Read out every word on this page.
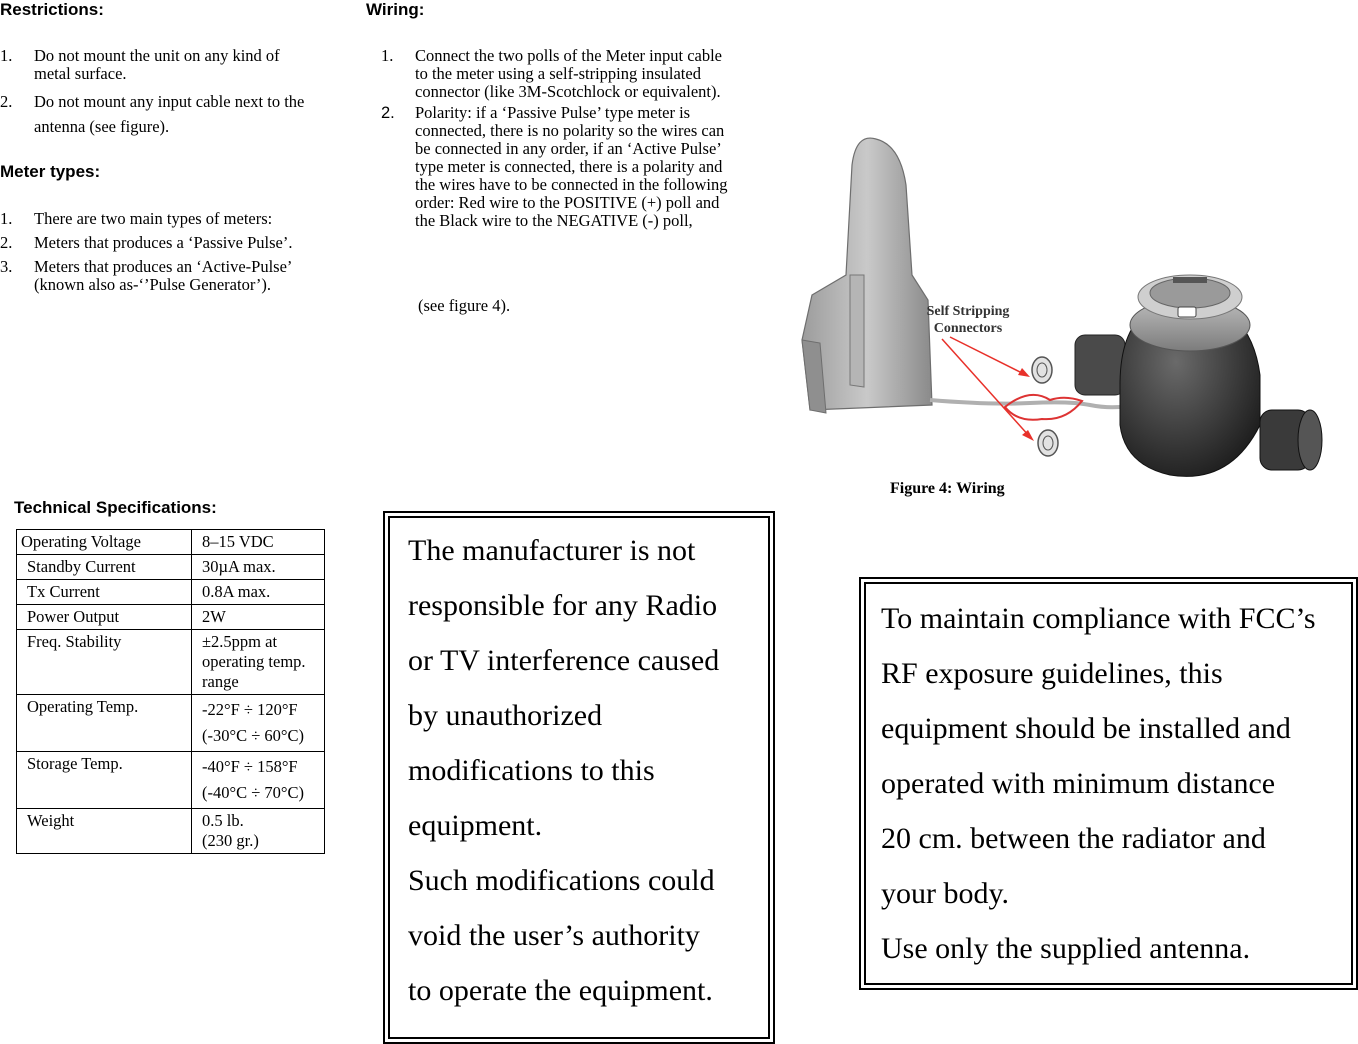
Restrictions:
1. Do not mount the unit on any kind of metal surface.
2. Do not mount any input cable next to the antenna (see figure).
Meter types:
1. There are two main types of meters:
2. Meters that produces a ‘Passive Pulse’.
3. Meters that produces an ‘Active-Pulse’ (known also as-‘’Pulse Generator’).
Wiring:
1. Connect the two polls of the Meter input cable to the meter using a self-stripping insulated connector (like 3M-Scotchlock or equivalent).
2. Polarity: if a ‘Passive Pulse’ type meter is connected, there is no polarity so the wires can be connected in any order, if an ‘Active Pulse’ type meter is connected, there is a polarity and the wires have to be connected in the following order: Red wire to the POSITIVE (+) poll and the Black wire to the NEGATIVE (-) poll,
(see figure 4).	Self Stripping
Connectors
Figure 4: Wiring
Technical Specifications:
Operating Voltage	8–15 VDC

Standby Current	30µA max.

Tx Current	0.8A max.

Power Output	2W

Freq. Stability	±2.5ppm at operating temp. range

Operating Temp.	-22°F ÷ 120°F
(-30°C ÷ 60°C)

Storage Temp.	-40°F ÷ 158°F
(-40°C ÷ 70°C)

Weight	0.5 lb.
(230 gr.)
The manufacturer is not
responsible for any Radio
or TV interference caused
by unauthorized
modifications to this
equipment.
Such modifications could
void the user’s authority
to operate the equipment.
To maintain compliance with FCC’s
RF exposure guidelines, this
equipment should be installed and
operated with minimum distance
20 cm. between the radiator and
your body.
Use only the supplied antenna.
